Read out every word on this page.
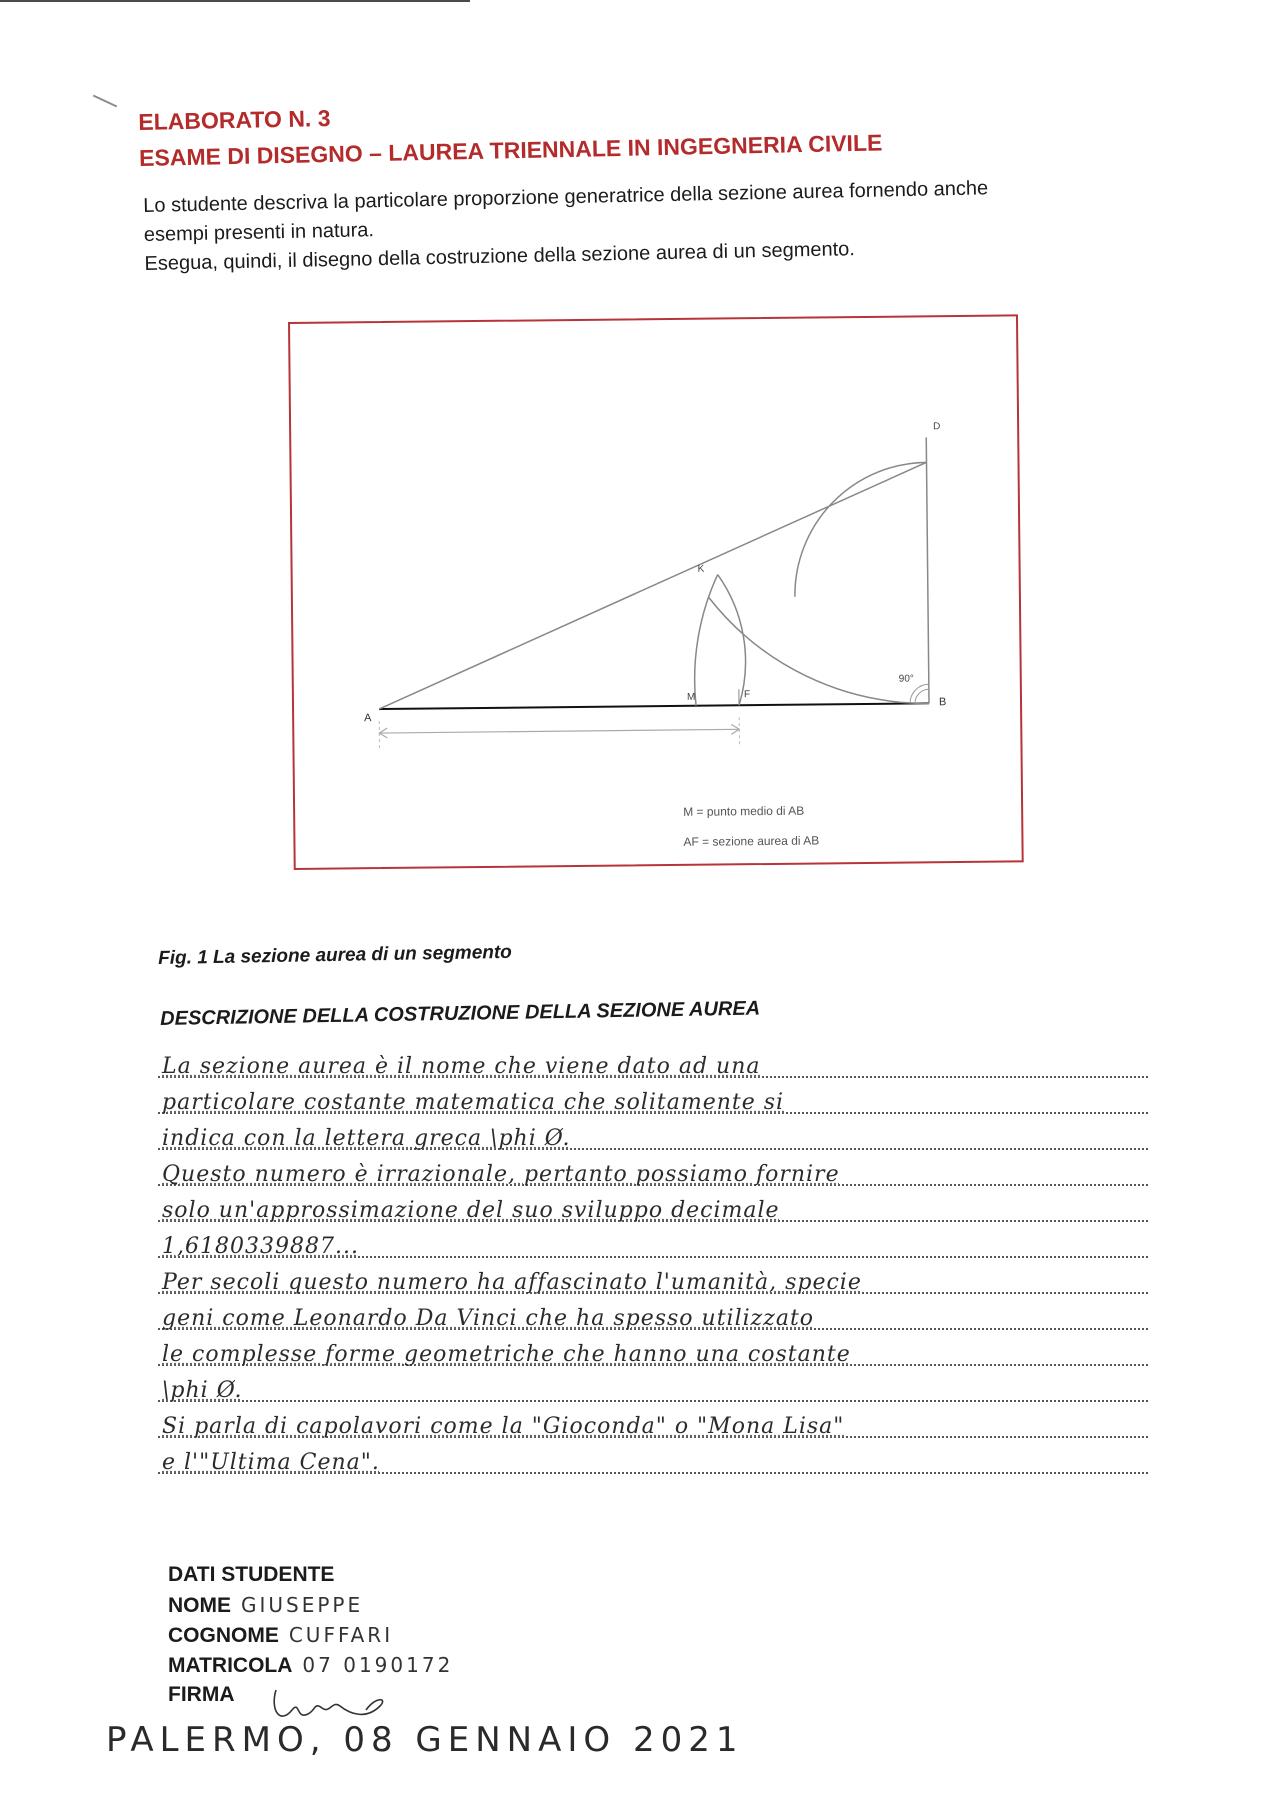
ELABORATO N. 3
ESAME DI DISEGNO – LAUREA TRIENNALE IN INGEGNERIA CIVILE

Lo studente descriva la particolare proporzione generatrice della sezione aurea fornendo anche

esempi presenti in natura.

Esegua, quindi, il disegno della costruzione della sezione aurea di un segmento.

A
B
D
K
M	F
90°
M = punto medio di AB
AF = sezione aurea di AB
Fig. 1 La sezione aurea di un segmento
DESCRIZIONE DELLA COSTRUZIONE DELLA SEZIONE AUREA
La sezione aurea è il nome che viene dato ad una
particolare costante matematica che solitamente si
indica con la lettera greca \phi Ø.
Questo numero è irrazionale, pertanto possiamo fornire
solo un'approssimazione del suo sviluppo decimale
1,6180339887...
Per secoli questo numero ha affascinato l'umanità, specie
geni come Leonardo Da Vinci che ha spesso utilizzato
le complesse forme geometriche che hanno una costante
\phi Ø.
Si parla di capolavori come la "Gioconda" o "Mona Lisa"
e l'"Ultima Cena".
DATI STUDENTE
NOME GIUSEPPE
COGNOME CUFFARI
MATRICOLA 07 0190172
FIRMA
PALERMO, 08 GENNAIO 2021
